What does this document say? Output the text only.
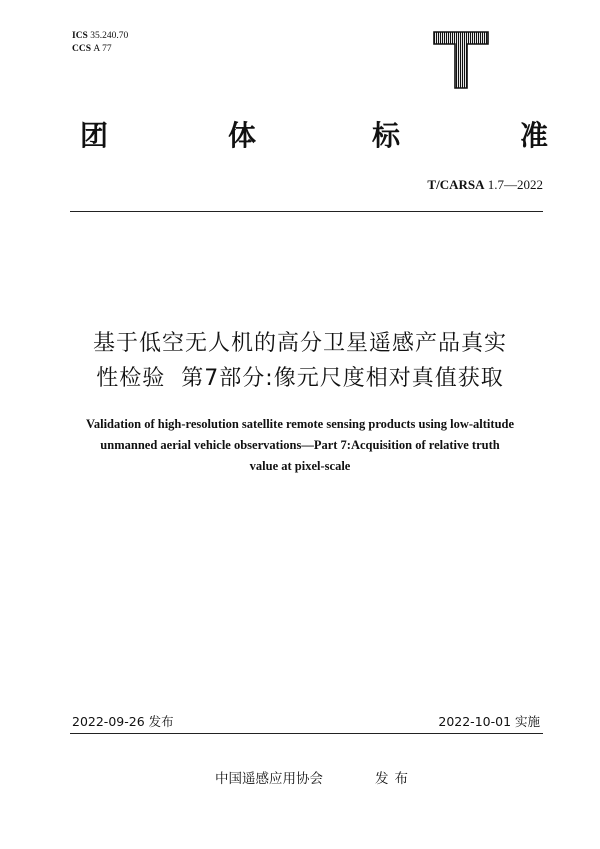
ICS 35.240.70
CCS A 77
团	体	标	准
T/CARSA 1.7—2022
基于低空无人机的高分卫星遥感产品真实
性检验  第7部分:像元尺度相对真值获取
Validation of high-resolution satellite remote sensing products using low-altitude
unmanned aerial vehicle observations—Part 7:Acquisition of relative truth
value at pixel-scale
2022-09-26 发布	2022-10-01 实施
中国遥感应用协会	发布
